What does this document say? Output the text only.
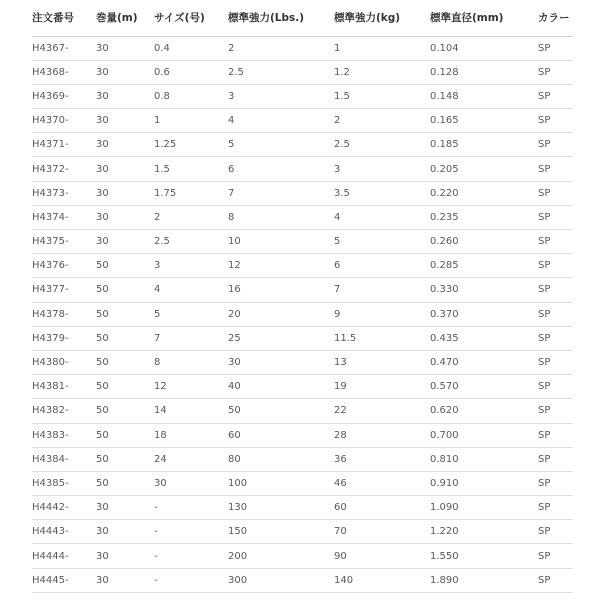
注文番号	巻量(m)	サイズ(号)	標準強力(Lbs.)	標準強力(kg)	標準直径(mm)	カラー
H4367-	30	0.4	2	1	0.104	SP
H4368-	30	0.6	2.5	1.2	0.128	SP
H4369-	30	0.8	3	1.5	0.148	SP
H4370-	30	1	4	2	0.165	SP
H4371-	30	1.25	5	2.5	0.185	SP
H4372-	30	1.5	6	3	0.205	SP
H4373-	30	1.75	7	3.5	0.220	SP
H4374-	30	2	8	4	0.235	SP
H4375-	30	2.5	10	5	0.260	SP
H4376-	50	3	12	6	0.285	SP
H4377-	50	4	16	7	0.330	SP
H4378-	50	5	20	9	0.370	SP
H4379-	50	7	25	11.5	0.435	SP
H4380-	50	8	30	13	0.470	SP
H4381-	50	12	40	19	0.570	SP
H4382-	50	14	50	22	0.620	SP
H4383-	50	18	60	28	0.700	SP
H4384-	50	24	80	36	0.810	SP
H4385-	50	30	100	46	0.910	SP
H4442-	30	-	130	60	1.090	SP
H4443-	30	-	150	70	1.220	SP
H4444-	30	-	200	90	1.550	SP
H4445-	30	-	300	140	1.890	SP
